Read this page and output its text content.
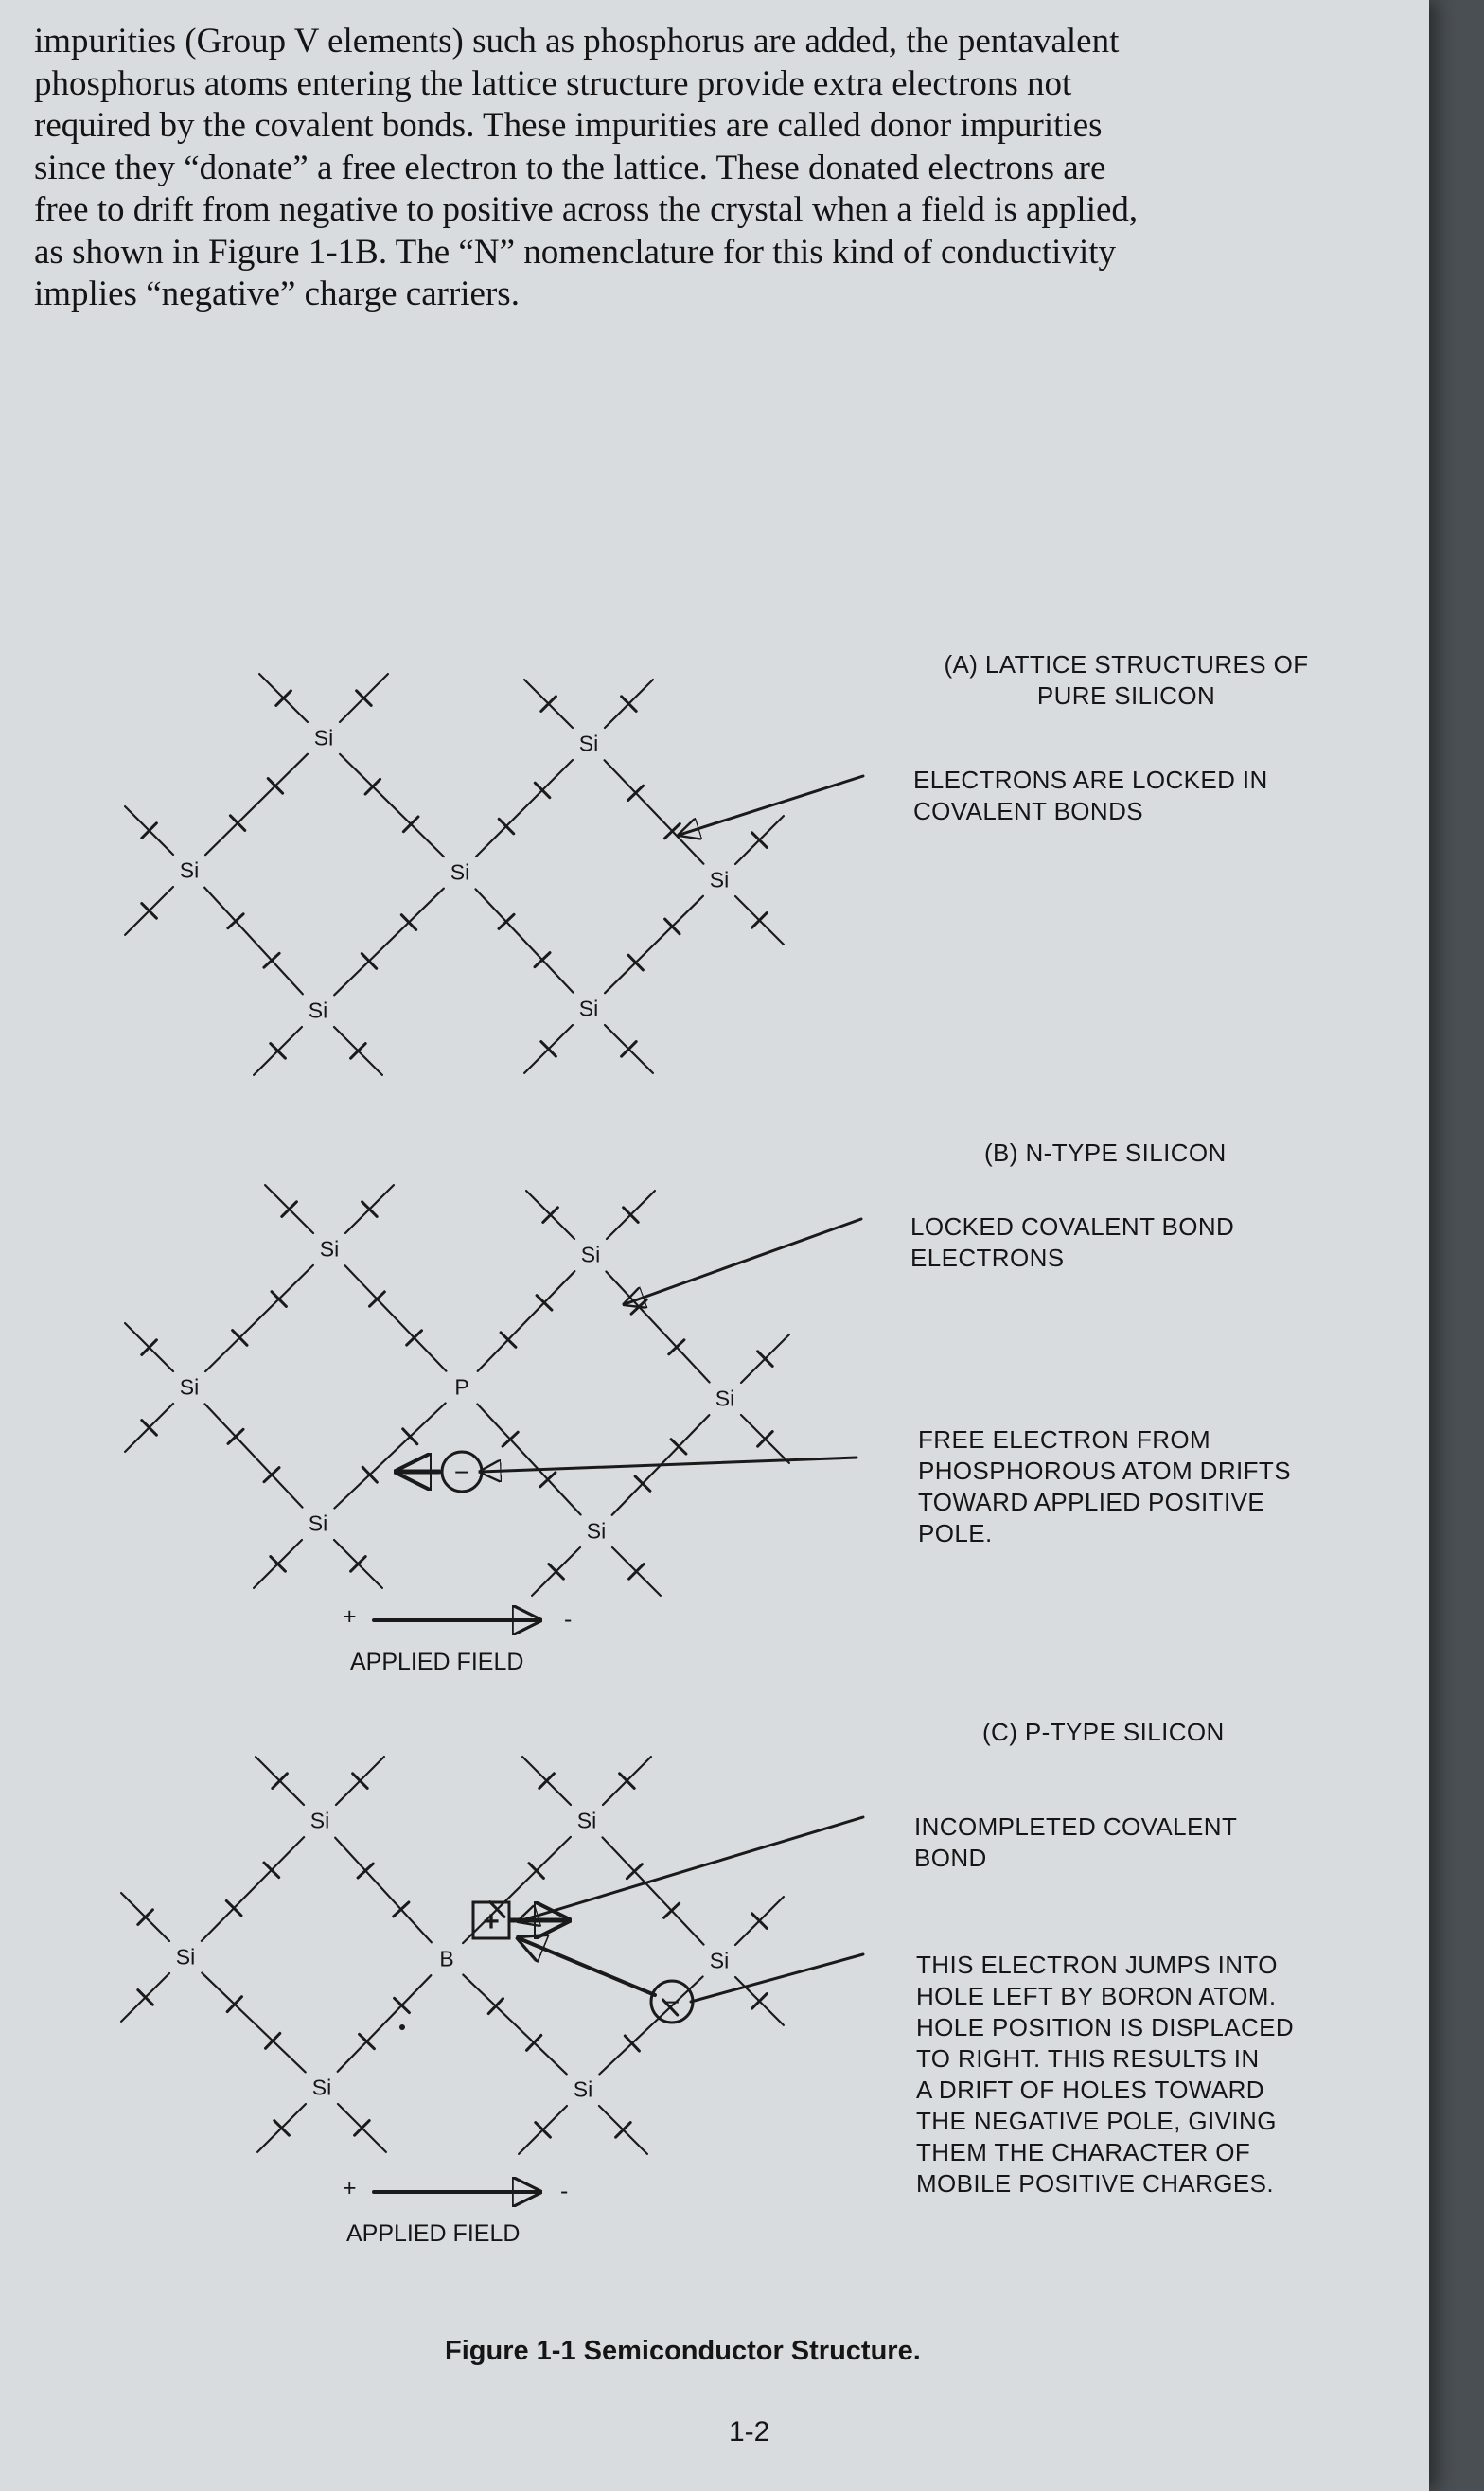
impurities (Group V elements) such as phosphorus are added, the pentavalent
phosphorus atoms entering the lattice structure provide extra electrons not
required by the covalent bonds. These impurities are called donor impurities
since they “donate” a free electron to the lattice. These donated electrons are
free to drift from negative to positive across the crystal when a field is applied,
as shown in Figure 1-1B. The “N” nomenclature for this kind of conductivity
implies “negative” charge carriers.

−
+
−
Si	Si
Si	Si	Si
Si	Si
Si	Si
Si	P	Si
Si	Si
Si	Si
Si	B	Si
Si	Si
+	-
APPLIED FIELD
+	-
APPLIED FIELD
(A) LATTICE STRUCTURES OF
PURE SILICON
ELECTRONS ARE LOCKED IN
COVALENT BONDS
(B) N-TYPE SILICON
LOCKED COVALENT BOND
ELECTRONS
FREE ELECTRON FROM
PHOSPHOROUS ATOM DRIFTS
TOWARD APPLIED POSITIVE
POLE.
(C) P-TYPE SILICON
INCOMPLETED COVALENT
BOND
THIS ELECTRON JUMPS INTO
HOLE LEFT BY BORON ATOM.
HOLE POSITION IS DISPLACED
TO RIGHT. THIS RESULTS IN
A DRIFT OF HOLES TOWARD
THE NEGATIVE POLE, GIVING
THEM THE CHARACTER OF
MOBILE POSITIVE CHARGES.
Figure 1-1 Semiconductor Structure.
1-2
